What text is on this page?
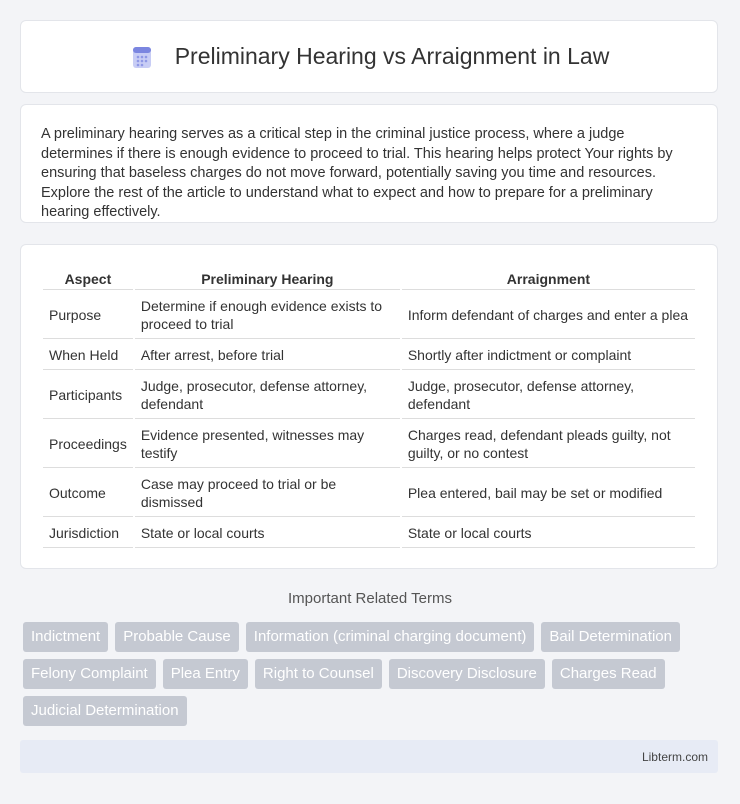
Preliminary Hearing vs Arraignment in Law

A preliminary hearing serves as a critical step in the criminal justice process, where a judge determines if there is enough evidence to proceed to trial. This hearing helps protect Your rights by ensuring that baseless charges do not move forward, potentially saving you time and resources. Explore the rest of the article to understand what to expect and how to prepare for a preliminary hearing effectively.

Aspect	Preliminary Hearing	Arraignment
Purpose	Determine if enough evidence exists to proceed to trial	Inform defendant of charges and enter a plea
When Held	After arrest, before trial	Shortly after indictment or complaint
Participants	Judge, prosecutor, defense attorney, defendant	Judge, prosecutor, defense attorney, defendant
Proceedings	Evidence presented, witnesses may testify	Charges read, defendant pleads guilty, not guilty, or no contest
Outcome	Case may proceed to trial or be dismissed	Plea entered, bail may be set or modified
Jurisdiction	State or local courts	State or local courts
Important Related Terms
Indictment	Probable Cause	Information (criminal charging document)	Bail Determination
Felony Complaint	Plea Entry	Right to Counsel	Discovery Disclosure	Charges Read
Judicial Determination
Libterm.com
